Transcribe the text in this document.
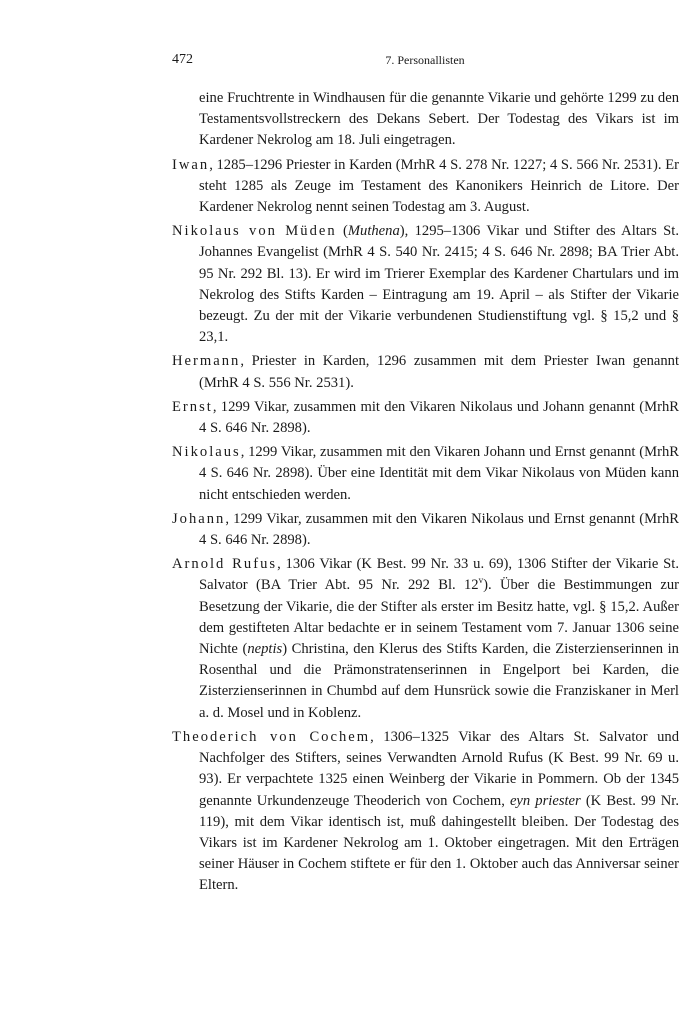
472	7. Personallisten

eine Fruchtrente in Windhausen für die genannte Vikarie und gehörte 1299 zu den Testamentsvollstreckern des Dekans Sebert. Der Todestag des Vikars ist im Kardener Nekrolog am 18. Juli eingetragen.

Iwan, 1285–1296 Priester in Karden (MrhR 4 S. 278 Nr. 1227; 4 S. 566 Nr. 2531). Er steht 1285 als Zeuge im Testament des Kanonikers Heinrich de Litore. Der Kardener Nekrolog nennt seinen Todestag am 3. August.

Nikolaus von Müden (Muthena), 1295–1306 Vikar und Stifter des Altars St. Johannes Evangelist (MrhR 4 S. 540 Nr. 2415; 4 S. 646 Nr. 2898; BA Trier Abt. 95 Nr. 292 Bl. 13). Er wird im Trierer Exemplar des Kardener Chartulars und im Nekrolog des Stifts Karden – Eintragung am 19. April – als Stifter der Vikarie bezeugt. Zu der mit der Vikarie verbundenen Studienstiftung vgl. § 15,2 und § 23,1.

Hermann, Priester in Karden, 1296 zusammen mit dem Priester Iwan genannt (MrhR 4 S. 556 Nr. 2531).

Ernst, 1299 Vikar, zusammen mit den Vikaren Nikolaus und Johann genannt (MrhR 4 S. 646 Nr. 2898).

Nikolaus, 1299 Vikar, zusammen mit den Vikaren Johann und Ernst genannt (MrhR 4 S. 646 Nr. 2898). Über eine Identität mit dem Vikar Nikolaus von Müden kann nicht entschieden werden.

Johann, 1299 Vikar, zusammen mit den Vikaren Nikolaus und Ernst genannt (MrhR 4 S. 646 Nr. 2898).

Arnold Rufus, 1306 Vikar (K Best. 99 Nr. 33 u. 69), 1306 Stifter der Vikarie St. Salvator (BA Trier Abt. 95 Nr. 292 Bl. 12$^v$). Über die Bestimmungen zur Besetzung der Vikarie, die der Stifter als erster im Besitz hatte, vgl. § 15,2. Außer dem gestifteten Altar bedachte er in seinem Testament vom 7. Januar 1306 seine Nichte (neptis) Christina, den Klerus des Stifts Karden, die Zisterzienserinnen in Rosenthal und die Prämonstratenserinnen in Engelport bei Karden, die Zisterzienserinnen in Chumbd auf dem Hunsrück sowie die Franziskaner in Merl a. d. Mosel und in Koblenz.

Theoderich von Cochem, 1306–1325 Vikar des Altars St. Salvator und Nachfolger des Stifters, seines Verwandten Arnold Rufus (K Best. 99 Nr. 69 u. 93). Er verpachtete 1325 einen Weinberg der Vikarie in Pommern. Ob der 1345 genannte Urkundenzeuge Theoderich von Cochem, eyn priester (K Best. 99 Nr. 119), mit dem Vikar identisch ist, muß dahingestellt bleiben. Der Todestag des Vikars ist im Kardener Nekrolog am 1. Oktober eingetragen. Mit den Erträgen seiner Häuser in Cochem stiftete er für den 1. Oktober auch das Anniversar seiner Eltern.
